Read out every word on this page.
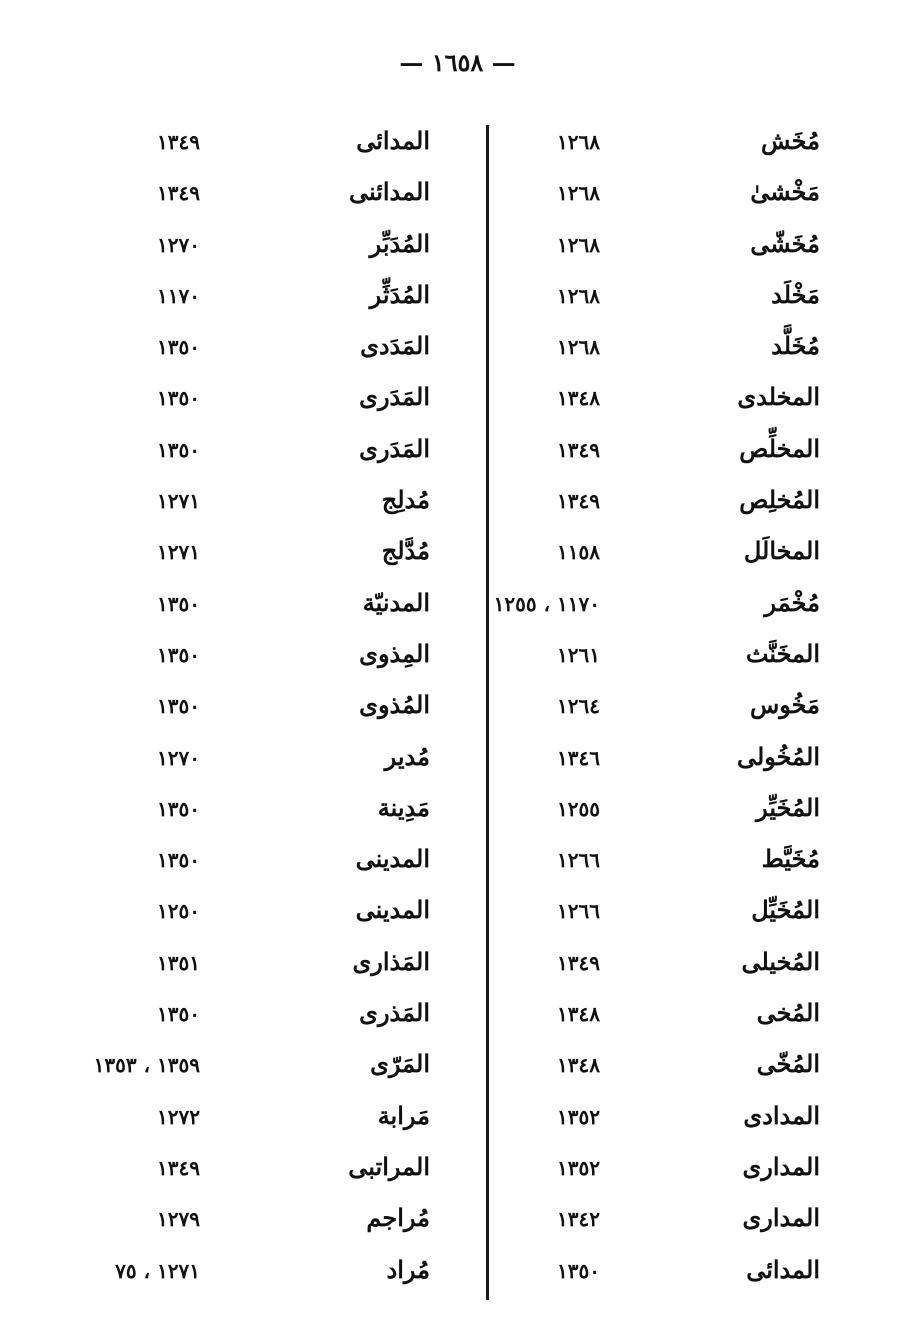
— ١٦٥٨ —
مُخَش
١٢٦٨
مَخْشىٰ
١٢٦٨
مُخَشّى
١٢٦٨
مَخْلَد
١٢٦٨
مُخَلَّد
١٢٦٨
المخلدى
١٣٤٨
المخلِّص
١٣٤٩
المُخلِص
١٣٤٩
المخالَل
١١٥٨
مُخْمَر
١١٧٠ ، ١٢٥٥
المخَنَّث
١٢٦١
مَخُوس
١٢٦٤
المُخُولى
١٣٤٦
المُخَيِّر
١٢٥٥
مُخَيَّط
١٢٦٦
المُخَيِّل
١٢٦٦
المُخيلى
١٣٤٩
المُخى
١٣٤٨
المُخّى
١٣٤٨
المدادى
١٣٥٢
المداری
١٣٥٢
المداری
١٣٤٢
المدائى
١٣٥٠
المدائى
١٣٤٩
المدائنى
١٣٤٩
المُدَبِّر
١٢٧٠
المُدَثِّر
١١٧٠
المَدَدى
١٣٥٠
المَدَرى
١٣٥٠
المَدَرى
١٣٥٠
مُدلِج
١٢٧١
مُدَّلج
١٢٧١
المدنيّة
١٣٥٠
المِذوى
١٣٥٠
المُذوى
١٣٥٠
مُدير
١٢٧٠
مَدِينة
١٣٥٠
المدينى
١٣٥٠
المدينى
١٢٥٠
المَذارى
١٣٥١
المَذرى
١٣٥٠
المَرّى
١٣٥٩ ، ١٣٥٣
مَرابة
١٢٧٢
المراتبى
١٣٤٩
مُراجم
١٢٧٩
مُراد
١٢٧١ ، ٧٥
